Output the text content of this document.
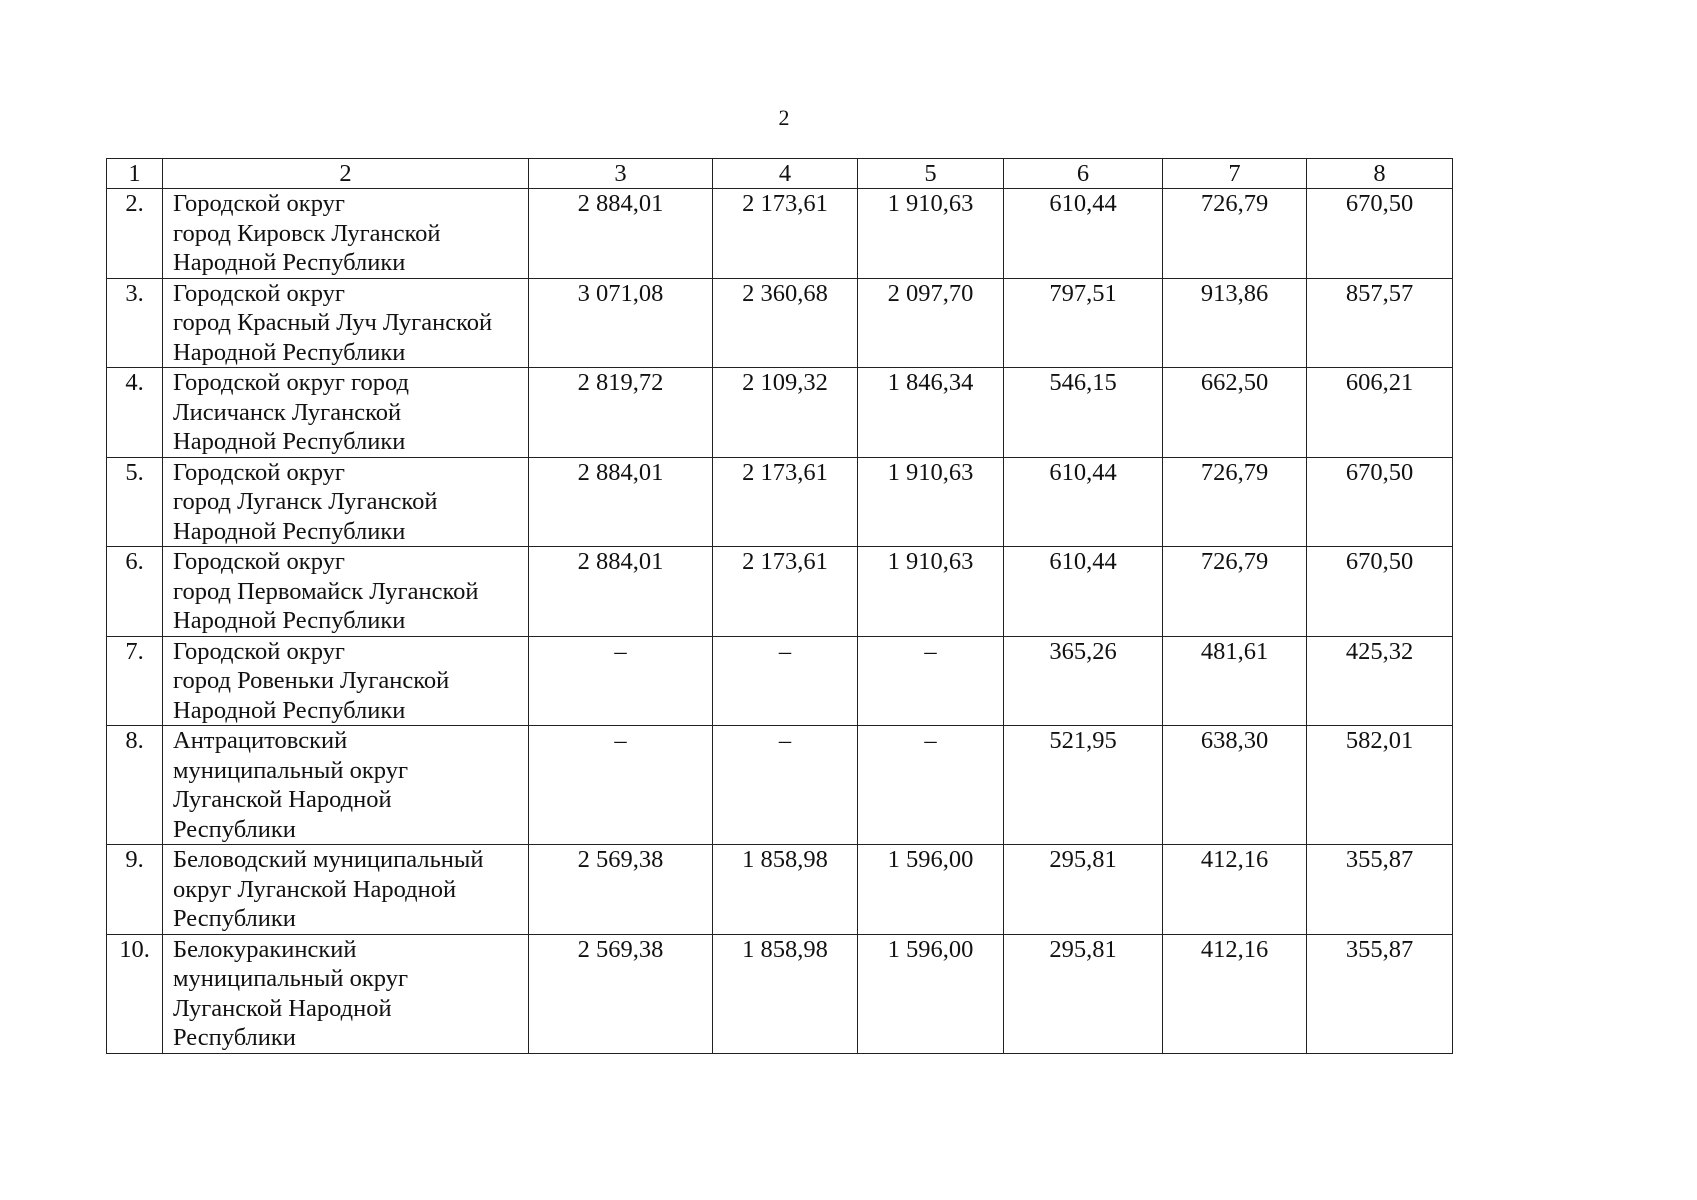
2
1	2	3	4	5	6	7	8
2.	Городской округ
город Кировск Луганской
Народной Республики	2 884,01	2 173,61	1 910,63	610,44	726,79	670,50
3.	Городской округ
город Красный Луч Луганской
Народной Республики	3 071,08	2 360,68	2 097,70	797,51	913,86	857,57
4.	Городской округ город
Лисичанск Луганской
Народной Республики	2 819,72	2 109,32	1 846,34	546,15	662,50	606,21
5.	Городской округ
город Луганск Луганской
Народной Республики	2 884,01	2 173,61	1 910,63	610,44	726,79	670,50
6.	Городской округ
город Первомайск Луганской
Народной Республики	2 884,01	2 173,61	1 910,63	610,44	726,79	670,50
7.	Городской округ
город Ровеньки Луганской
Народной Республики	–	–	–	365,26	481,61	425,32
8.	Антрацитовский
муниципальный округ
Луганской Народной
Республики	–	–	–	521,95	638,30	582,01
9.	Беловодский муниципальный
округ Луганской Народной
Республики	2 569,38	1 858,98	1 596,00	295,81	412,16	355,87
10.	Белокуракинский
муниципальный округ
Луганской Народной
Республики	2 569,38	1 858,98	1 596,00	295,81	412,16	355,87
